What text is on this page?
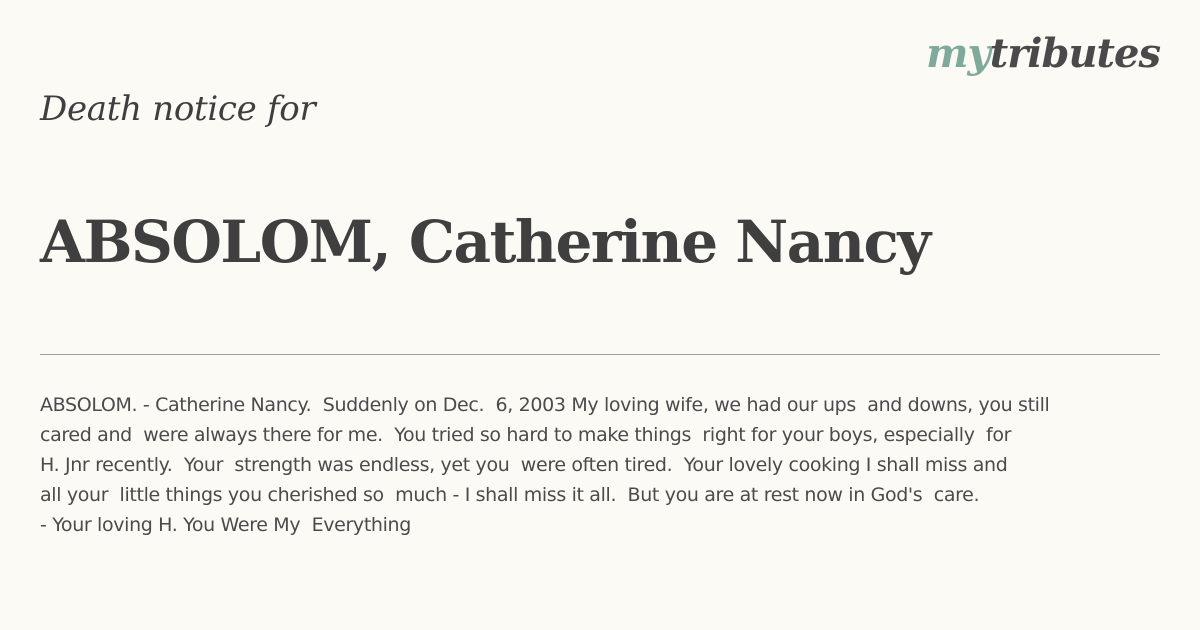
mytributes
Death notice for
ABSOLOM, Catherine Nancy
ABSOLOM. - Catherine Nancy.  Suddenly on Dec.  6, 2003 My loving wife, we had our ups  and downs, you still
cared and  were always there for me.  You tried so hard to make things  right for your boys, especially  for
H. Jnr recently.  Your  strength was endless, yet you  were often tired.  Your lovely cooking I shall miss and
all your  little things you cherished so  much - I shall miss it all.  But you are at rest now in God's  care.
- Your loving H. You Were My  Everything
